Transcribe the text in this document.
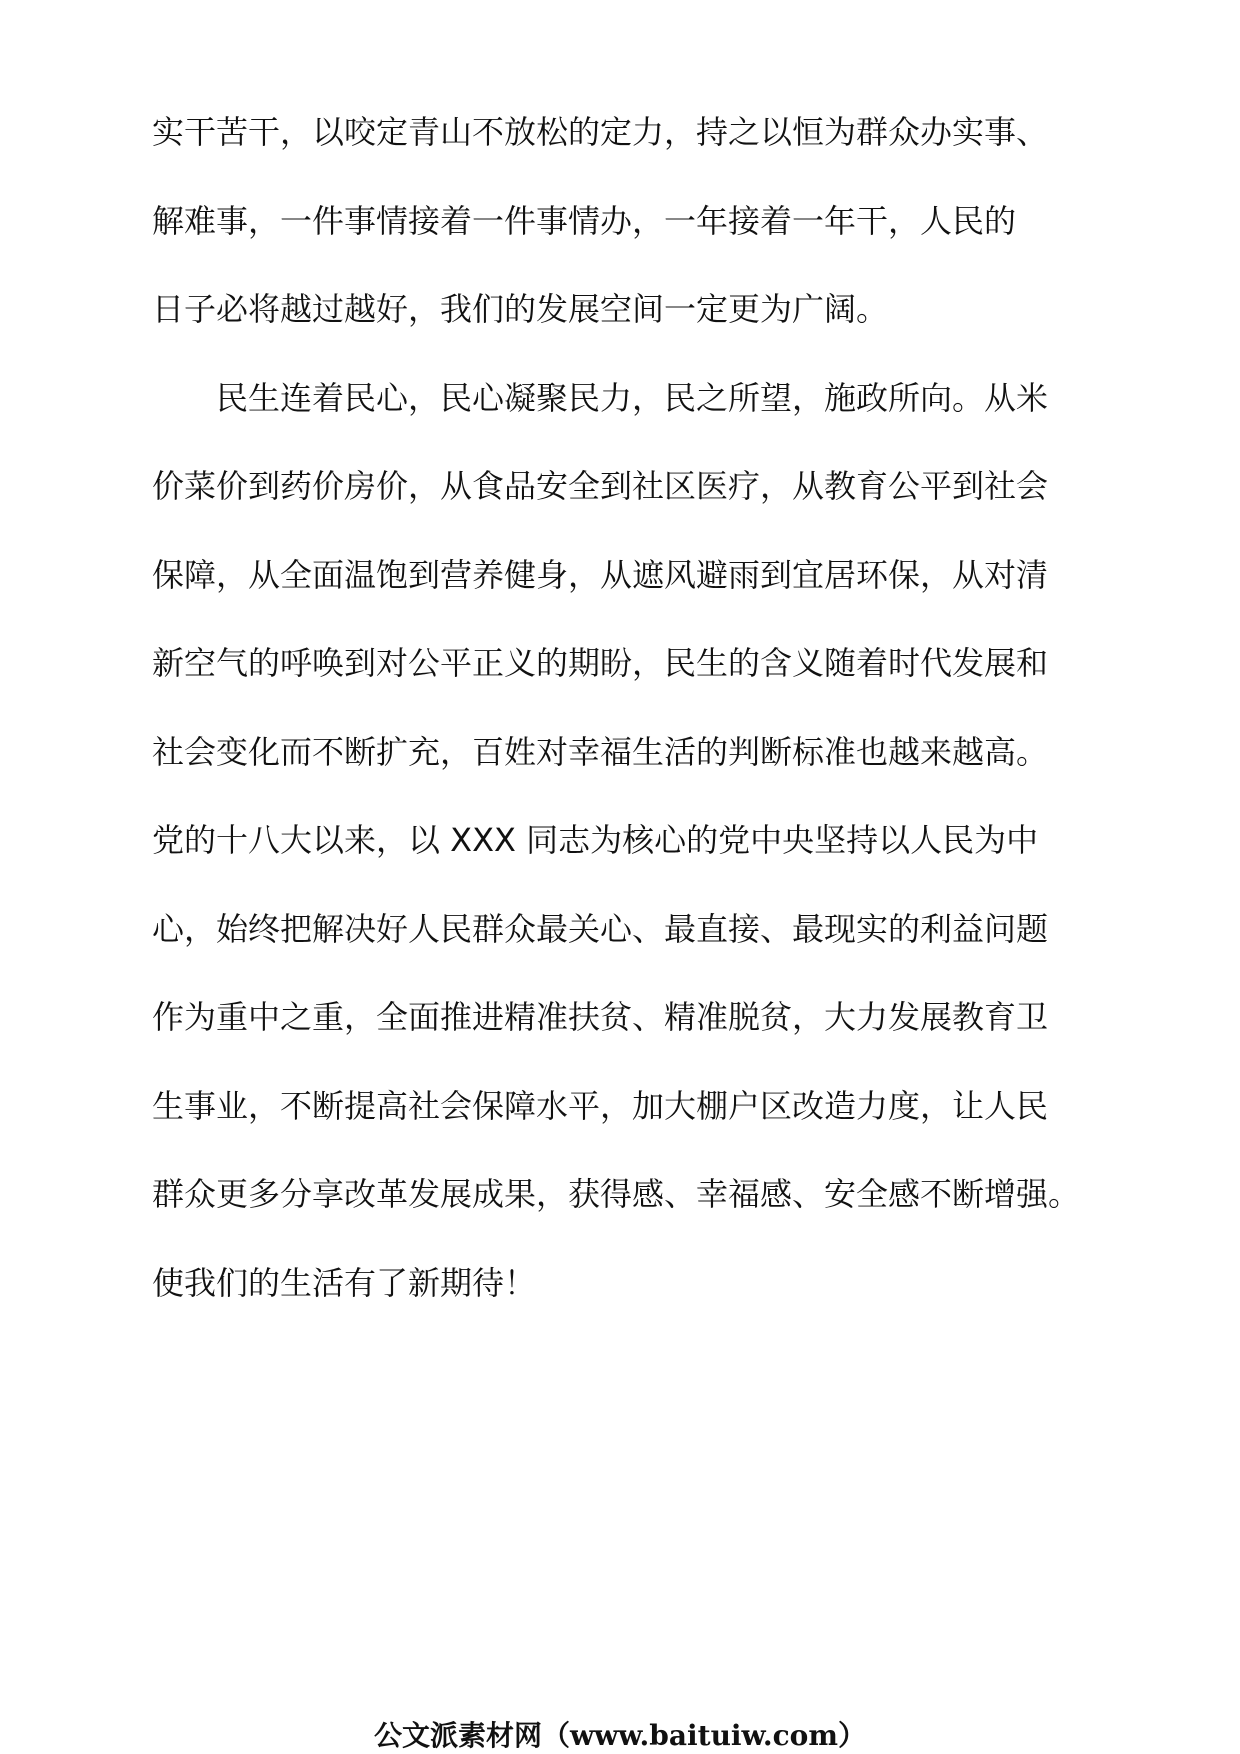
实干苦干，以咬定青山不放松的定力，持之以恒为群众办实事、
解难事，一件事情接着一件事情办，一年接着一年干，人民的
日子必将越过越好，我们的发展空间一定更为广阔。
民生连着民心，民心凝聚民力，民之所望，施政所向。从米
价菜价到药价房价，从食品安全到社区医疗，从教育公平到社会
保障，从全面温饱到营养健身，从遮风避雨到宜居环保，从对清
新空气的呼唤到对公平正义的期盼，民生的含义随着时代发展和
社会变化而不断扩充，百姓对幸福生活的判断标准也越来越高。
党的十八大以来，以 XXX 同志为核心的党中央坚持以人民为中
心，始终把解决好人民群众最关心、最直接、最现实的利益问题
作为重中之重，全面推进精准扶贫、精准脱贫，大力发展教育卫
生事业，不断提高社会保障水平，加大棚户区改造力度，让人民
群众更多分享改革发展成果，获得感、幸福感、安全感不断增强。
使我们的生活有了新期待！
公文派素材网（www.baituiw.com）
